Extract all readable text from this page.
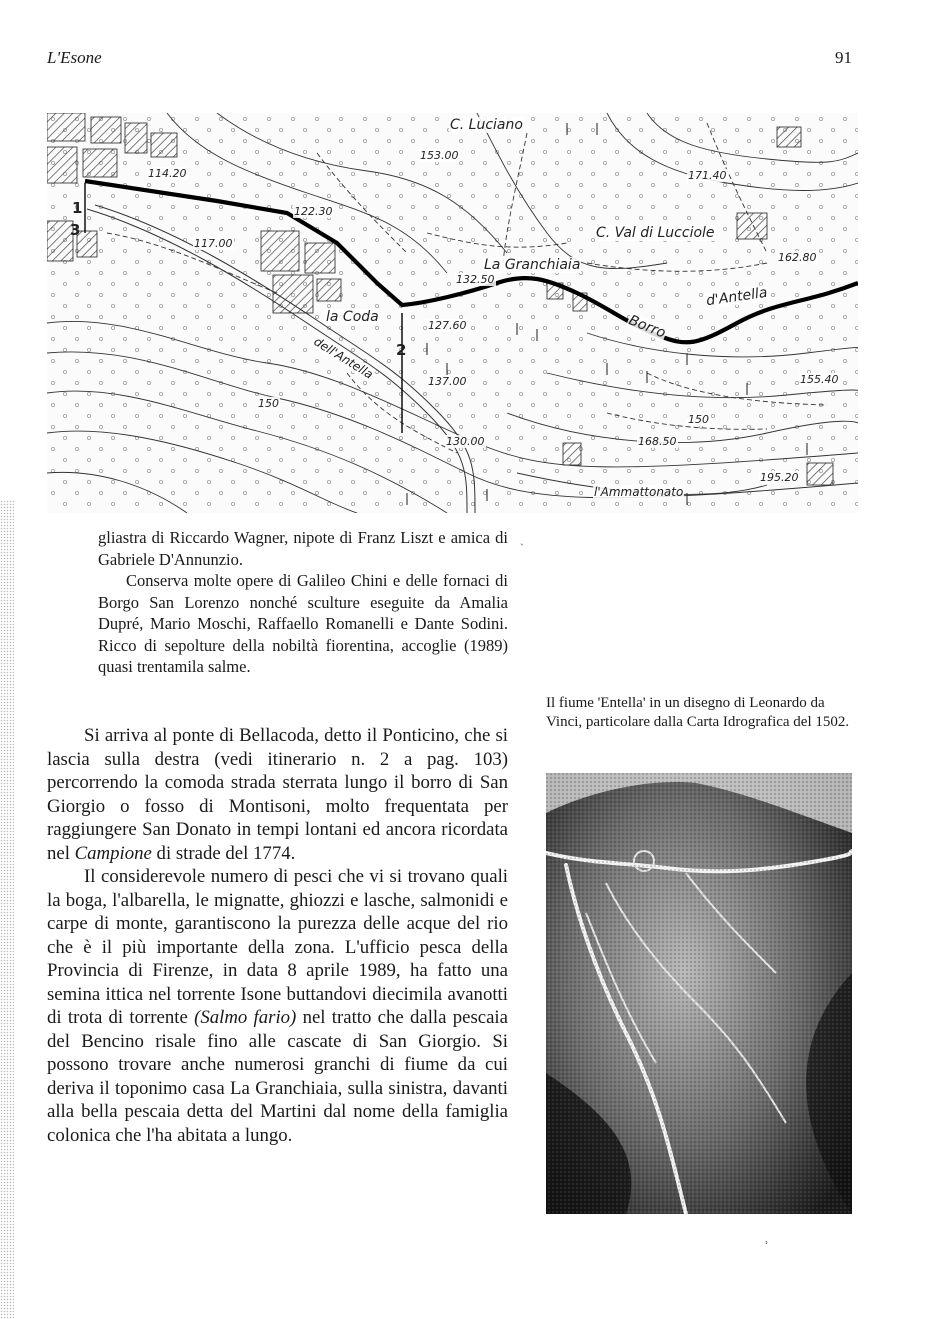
L'Esone	91
C. Luciano
C. Val di Lucciole
La Granchiaia
la Coda
dell'Antella
Borro
d'Antella
l'Ammattonato
114.20
153.00
171.40
122.30
117.00
162.80
132.50
127.60
137.00	155.40
150
130.00	168.50
195.20
150
1
2
3

gliastra di Riccardo Wagner, nipote di Franz Liszt e amica di Gabriele D'Annunzio.

Conserva molte opere di Galileo Chini e delle fornaci di Borgo San Lorenzo nonché sculture eseguite da Amalia Dupré, Mario Moschi, Raffaello Romanelli e Dante Sodini. Ricco di sepolture della nobiltà fiorentina, accoglie (1989) quasi trentamila salme.

ˎ

Si arriva al ponte di Bellacoda, detto il Ponticino, che si lascia sulla destra (vedi itinerario n. 2 a pag. 103) percorrendo la comoda strada sterrata lungo il borro di San Giorgio o fosso di Montisoni, molto frequentata per raggiungere San Donato in tempi lontani ed ancora ricordata nel Campione di strade del 1774.

Il considerevole numero di pesci che vi si trovano quali la boga, l'albarella, le mignatte, ghiozzi e lasche, salmonidi e carpe di monte, garantiscono la purezza delle acque del rio che è il più importante della zona. L'ufficio pesca della Provincia di Firenze, in data 8 aprile 1989, ha fatto una semina ittica nel torrente Isone buttandovi diecimila avanotti di trota di torrente (Salmo fario) nel tratto che dalla pescaia del Bencino risale fino alle cascate di San Giorgio. Si possono trovare anche numerosi granchi di fiume da cui deriva il toponimo casa La Granchiaia, sulla sinistra, davanti alla bella pescaia detta del Martini dal nome della famiglia colonica che l'ha abitata a lungo.

Il fiume 'Entella' in un disegno di Leonardo da Vinci, particolare dalla Carta Idrografica del 1502.
˒
